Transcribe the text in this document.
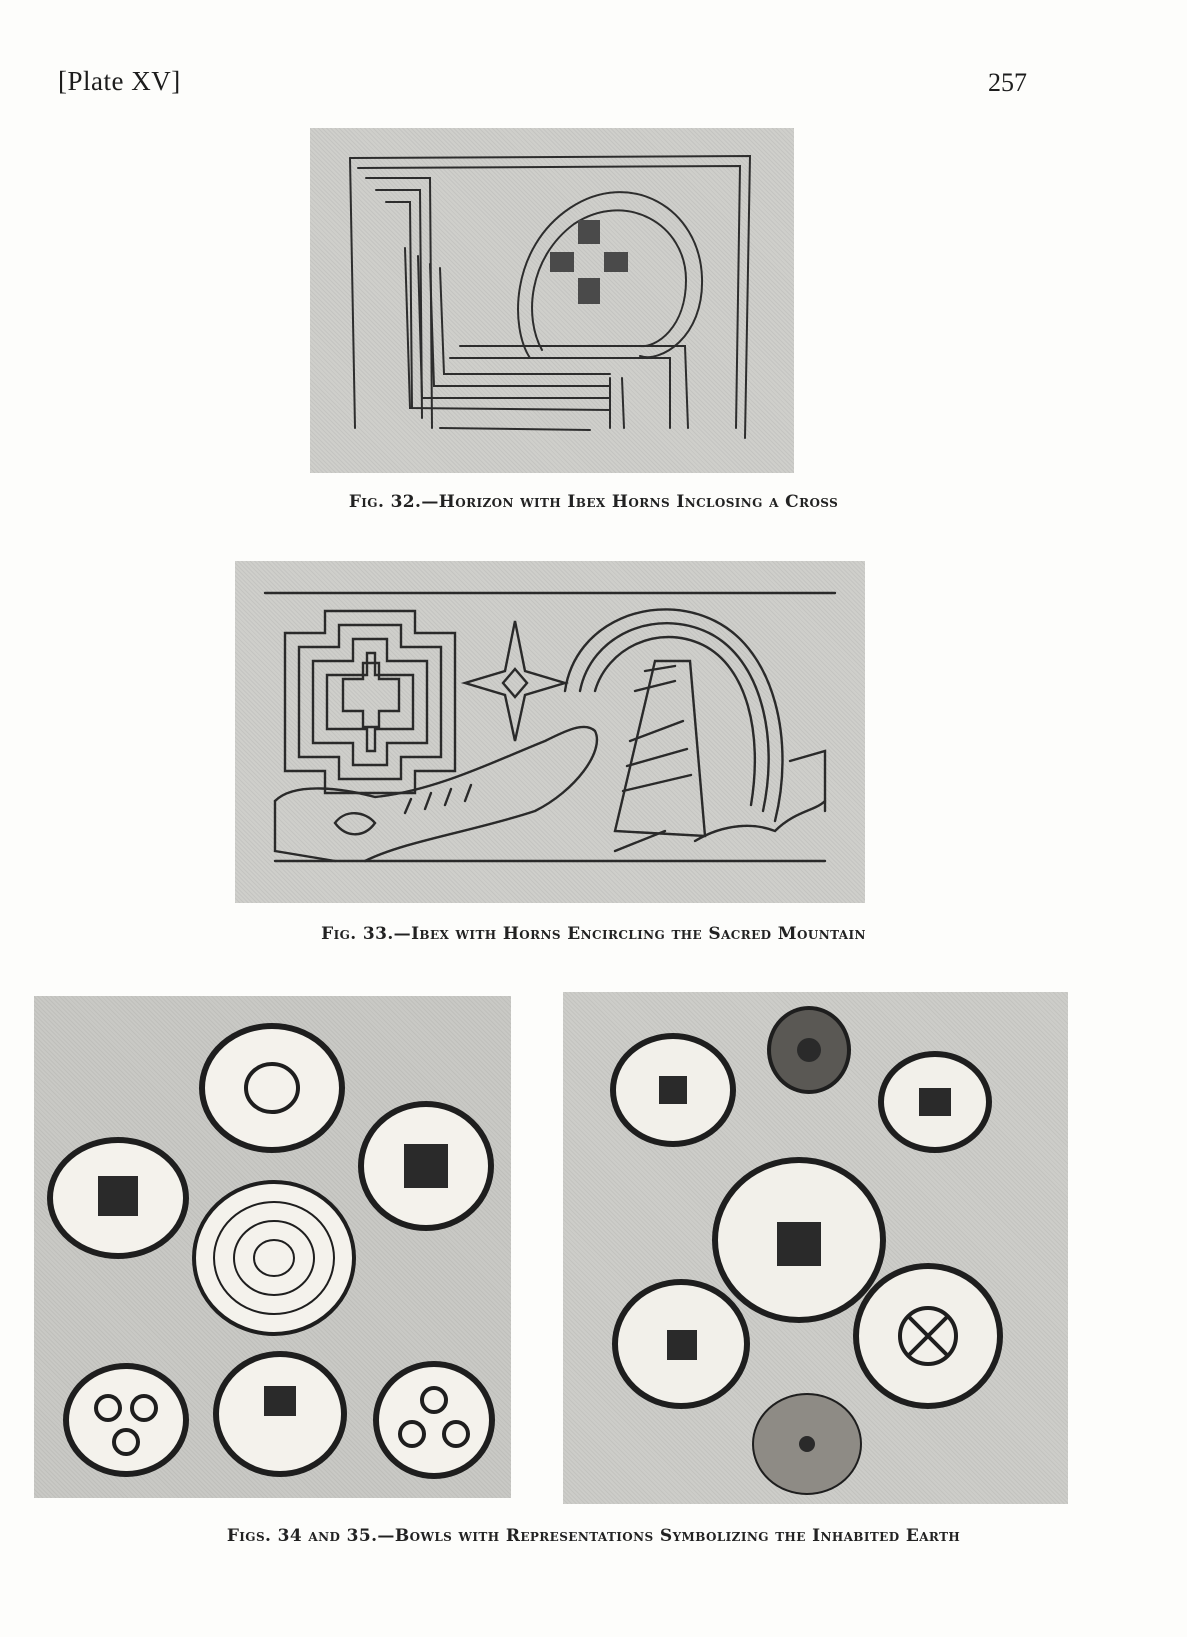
[Plate XV]	257
Fig. 32.—Horizon with Ibex Horns Inclosing a Cross
Fig. 33.—Ibex with Horns Encircling the Sacred Mountain
Figs. 34 and 35.—Bowls with Representations Symbolizing the Inhabited Earth
